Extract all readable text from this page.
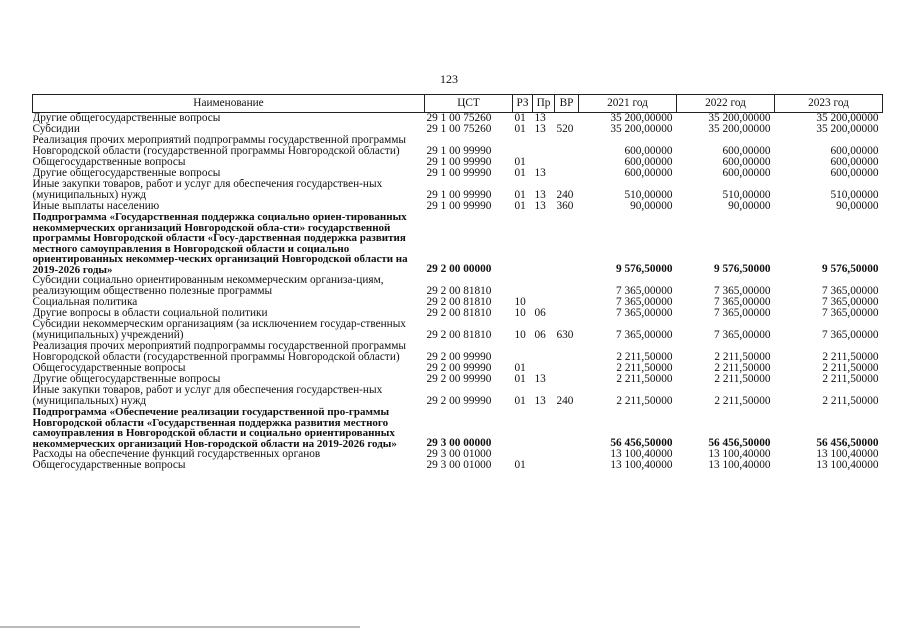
123
Наименование	ЦСТ	РЗ	Пр	ВР	2021 год	2022 год	2023 год
Другие общегосударственные вопросы	29 1 00 75260	01	13		35 200,00000	35 200,00000	35 200,00000
Субсидии	29 1 00 75260	01	13	520	35 200,00000	35 200,00000	35 200,00000
Реализация прочих мероприятий подпрограммы государственной программы Новгородской области (государственной программы Новгородской области)	29 1 00 99990				600,00000	600,00000	600,00000
Общегосударственные вопросы	29 1 00 99990	01			600,00000	600,00000	600,00000
Другие общегосударственные вопросы	29 1 00 99990	01	13		600,00000	600,00000	600,00000
Иные закупки товаров, работ и услуг для обеспечения государствен-ных (муниципальных) нужд	29 1 00 99990	01	13	240	510,00000	510,00000	510,00000
Иные выплаты населению	29 1 00 99990	01	13	360	90,00000	90,00000	90,00000
Подпрограмма «Государственная поддержка социально ориен-тированных некоммерческих организаций Новгородской обла-сти» государственной программы Новгородской области «Госу-дарственная поддержка развития местного самоуправления в Новгородской области и социально ориентированных некоммер-ческих организаций Новгородской области на 2019-2026 годы»	29 2 00 00000				9 576,50000	9 576,50000	9 576,50000
Субсидии социально ориентированным некоммерческим организа-циям, реализующим общественно полезные программы	29 2 00 81810				7 365,00000	7 365,00000	7 365,00000
Социальная политика	29 2 00 81810	10			7 365,00000	7 365,00000	7 365,00000
Другие вопросы в области социальной политики	29 2 00 81810	10	06		7 365,00000	7 365,00000	7 365,00000
Субсидии некоммерческим организациям (за исключением государ-ственных (муниципальных) учреждений)	29 2 00 81810	10	06	630	7 365,00000	7 365,00000	7 365,00000
Реализация прочих мероприятий подпрограммы государственной программы Новгородской области (государственной программы Новгородской области)	29 2 00 99990				2 211,50000	2 211,50000	2 211,50000
Общегосударственные вопросы	29 2 00 99990	01			2 211,50000	2 211,50000	2 211,50000
Другие общегосударственные вопросы	29 2 00 99990	01	13		2 211,50000	2 211,50000	2 211,50000
Иные закупки товаров, работ и услуг для обеспечения государствен-ных (муниципальных) нужд	29 2 00 99990	01	13	240	2 211,50000	2 211,50000	2 211,50000
Подпрограмма «Обеспечение реализации государственной про-граммы Новгородской области «Государственная поддержка развития местного самоуправления в Новгородской области и социально ориентированных некоммерческих организаций Нов-городской области на 2019-2026 годы»	29 3 00 00000				56 456,50000	56 456,50000	56 456,50000
Расходы на обеспечение функций государственных органов	29 3 00 01000				13 100,40000	13 100,40000	13 100,40000
Общегосударственные вопросы	29 3 00 01000	01			13 100,40000	13 100,40000	13 100,40000
